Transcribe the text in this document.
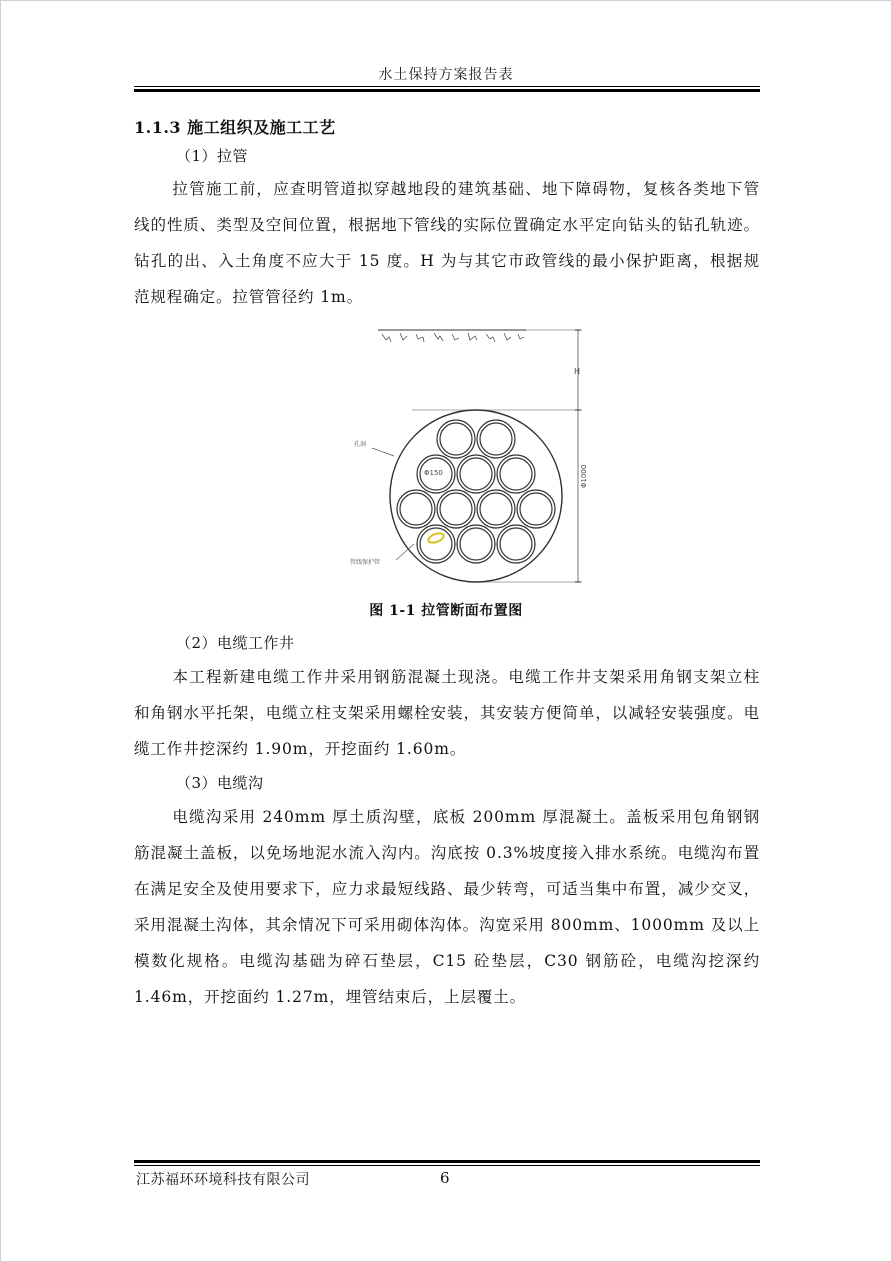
水土保持方案报告表
1.1.3 施工组织及施工工艺
（1）拉管
拉管施工前，应查明管道拟穿越地段的建筑基础、地下障碍物，复核各类地下管线的性质、类型及空间位置，根据地下管线的实际位置确定水平定向钻头的钻孔轨迹。钻孔的出、入土角度不应大于 15 度。H 为与其它市政管线的最小保护距离，根据规范规程确定。拉管管径约 1m。
H
Φ1000
Φ150
孔洞
管线保护管
图 1-1 拉管断面布置图
（2）电缆工作井
本工程新建电缆工作井采用钢筋混凝土现浇。电缆工作井支架采用角钢支架立柱和角钢水平托架，电缆立柱支架采用螺栓安装，其安装方便简单，以减轻安装强度。电缆工作井挖深约 1.90m，开挖面约 1.60m。
（3）电缆沟
电缆沟采用 240mm 厚土质沟壁，底板 200mm 厚混凝土。盖板采用包角钢钢筋混凝土盖板，以免场地泥水流入沟内。沟底按 0.3%坡度接入排水系统。电缆沟布置在满足安全及使用要求下，应力求最短线路、最少转弯，可适当集中布置，减少交叉，采用混凝土沟体，其余情况下可采用砌体沟体。沟宽采用 800mm、1000mm 及以上模数化规格。电缆沟基础为碎石垫层，C15 砼垫层，C30 钢筋砼，电缆沟挖深约 1.46m，开挖面约 1.27m，埋管结束后，上层覆土。
江苏福环环境科技有限公司	6
